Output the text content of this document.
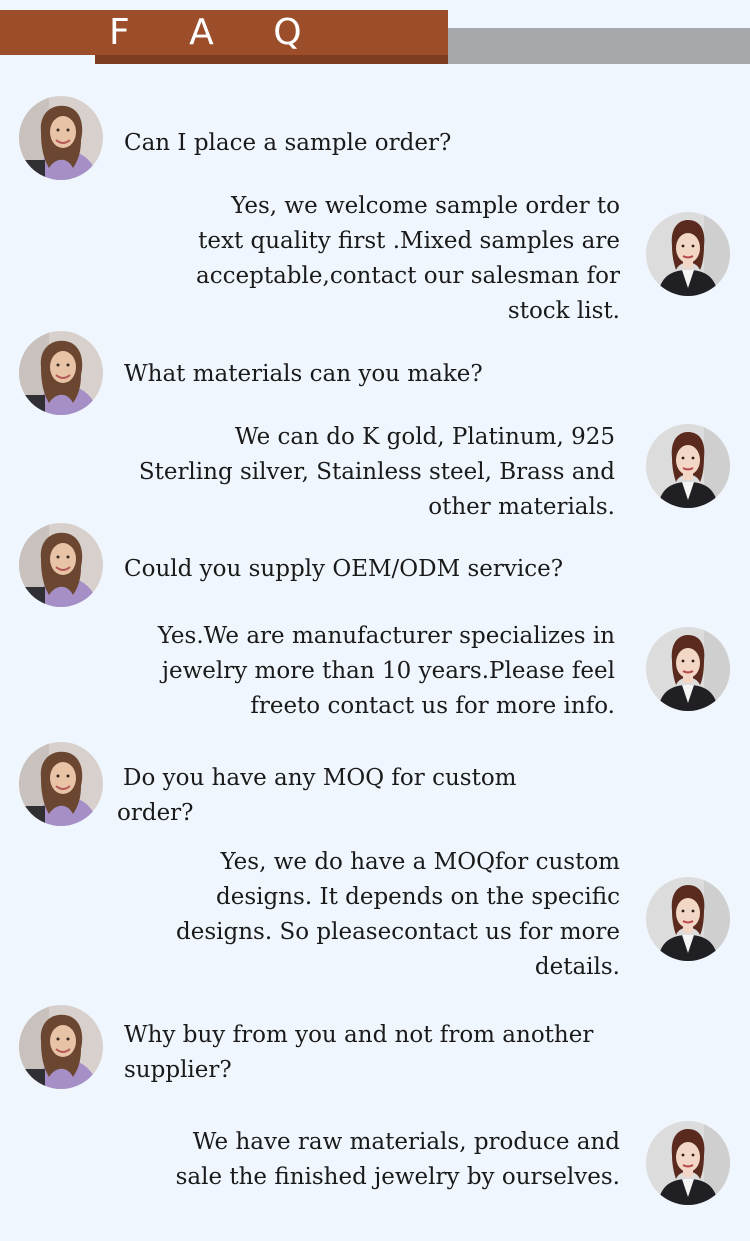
F A Q
Can I place a sample order?
Yes, we welcome sample order to
text quality first .Mixed samples are
acceptable,contact our salesman for
stock list.
What materials can you make?
We can do K gold, Platinum, 925
Sterling silver, Stainless steel, Brass and
other materials.
Could you supply OEM/ODM service?
Yes.We are manufacturer specializes in
jewelry more than 10 years.Please feel
freeto contact us for more info.
Do you have any MOQ for custom
order?
Yes, we do have a MOQfor custom
designs. It depends on the specific
designs. So pleasecontact us for more
details.
Why buy from you and not from another
supplier?
We have raw materials, produce and
sale the finished jewelry by ourselves.
